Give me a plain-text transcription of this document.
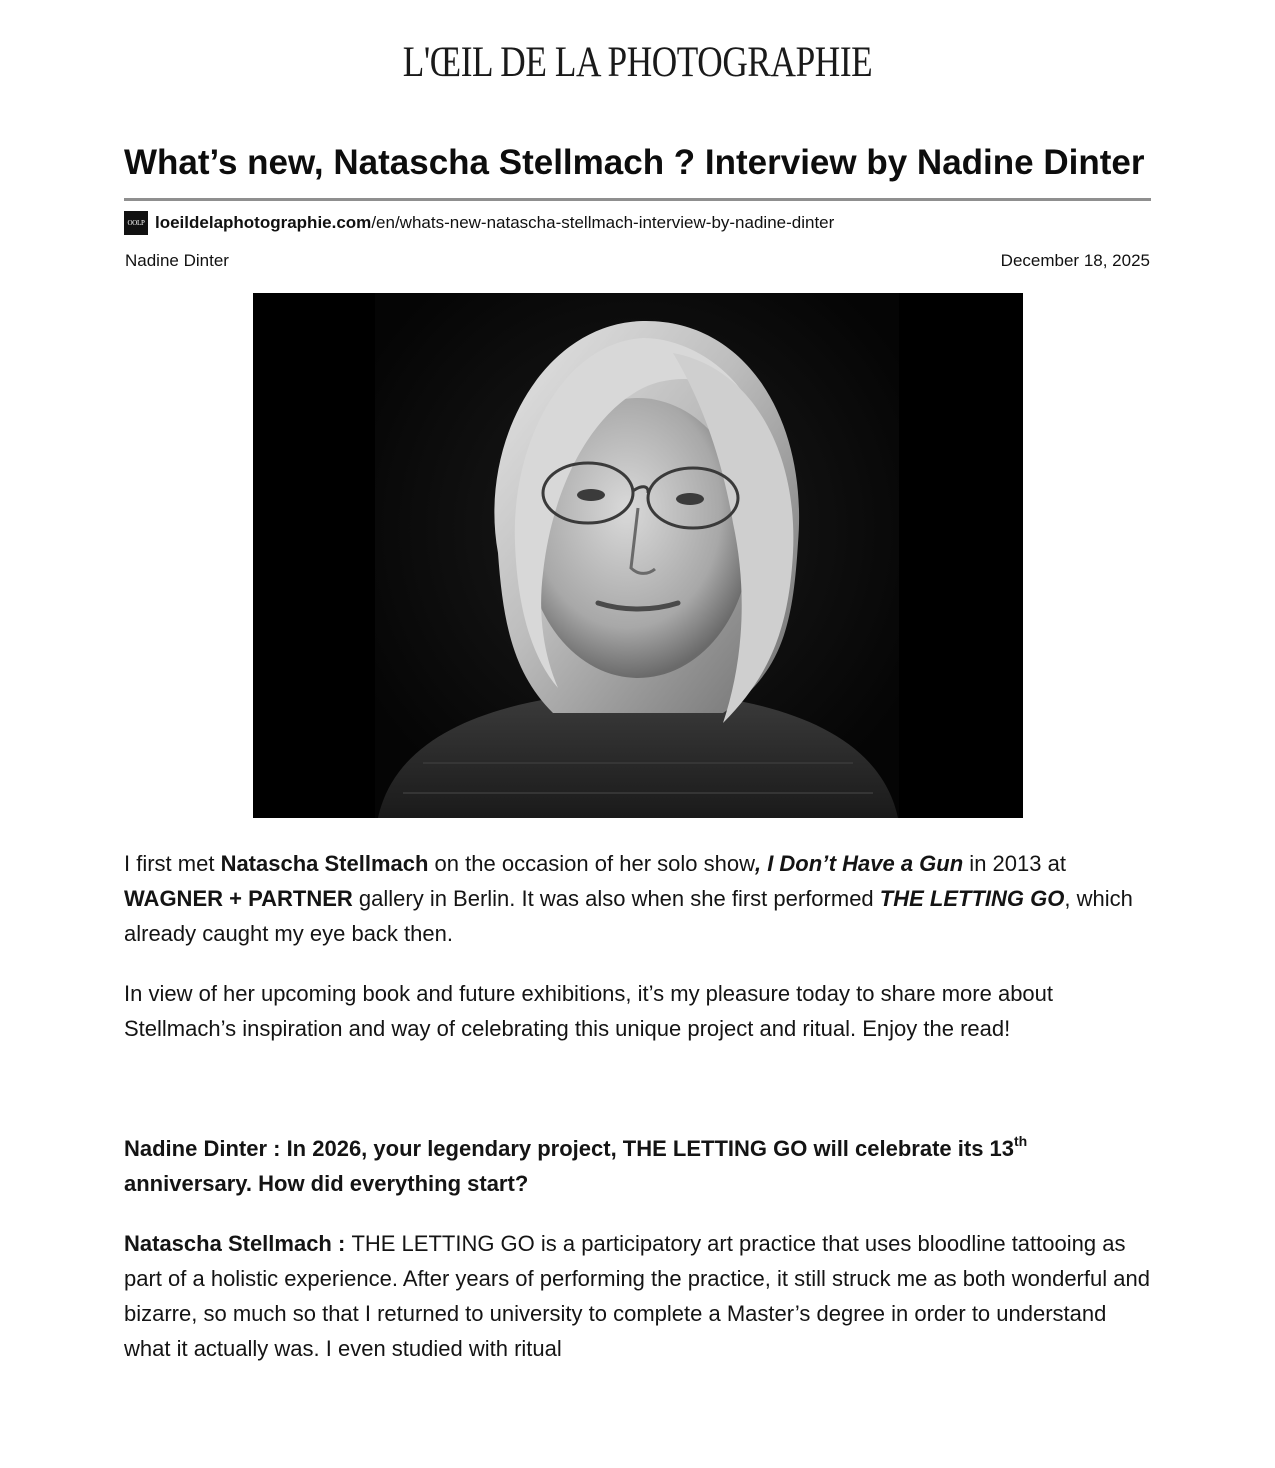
L'ŒIL DE LA PHOTOGRAPHIE
What’s new, Natascha Stellmach ? Interview by Nadine Dinter
OOLP loeildelaphotographie.com /en/whats-new-natascha-stellmach-interview-by-nadine-dinter
Nadine Dinter	December 18, 2025

I first met Natascha Stellmach on the occasion of her solo show, I Don’t Have a Gun in 2013 at WAGNER + PARTNER gallery in Berlin. It was also when she first performed THE LETTING GO, which already caught my eye back then.

In view of her upcoming book and future exhibitions, it’s my pleasure today to share more about Stellmach’s inspiration and way of celebrating this unique project and ritual. Enjoy the read!

Nadine Dinter : In 2026, your legendary project, THE LETTING GO will celebrate its 13th anniversary. How did everything start?

Natascha Stellmach : THE LETTING GO is a participatory art practice that uses bloodline tattooing as part of a holistic experience. After years of performing the practice, it still struck me as both wonderful and bizarre, so much so that I returned to university to complete a Master’s degree in order to understand what it actually was. I even studied with ritual
